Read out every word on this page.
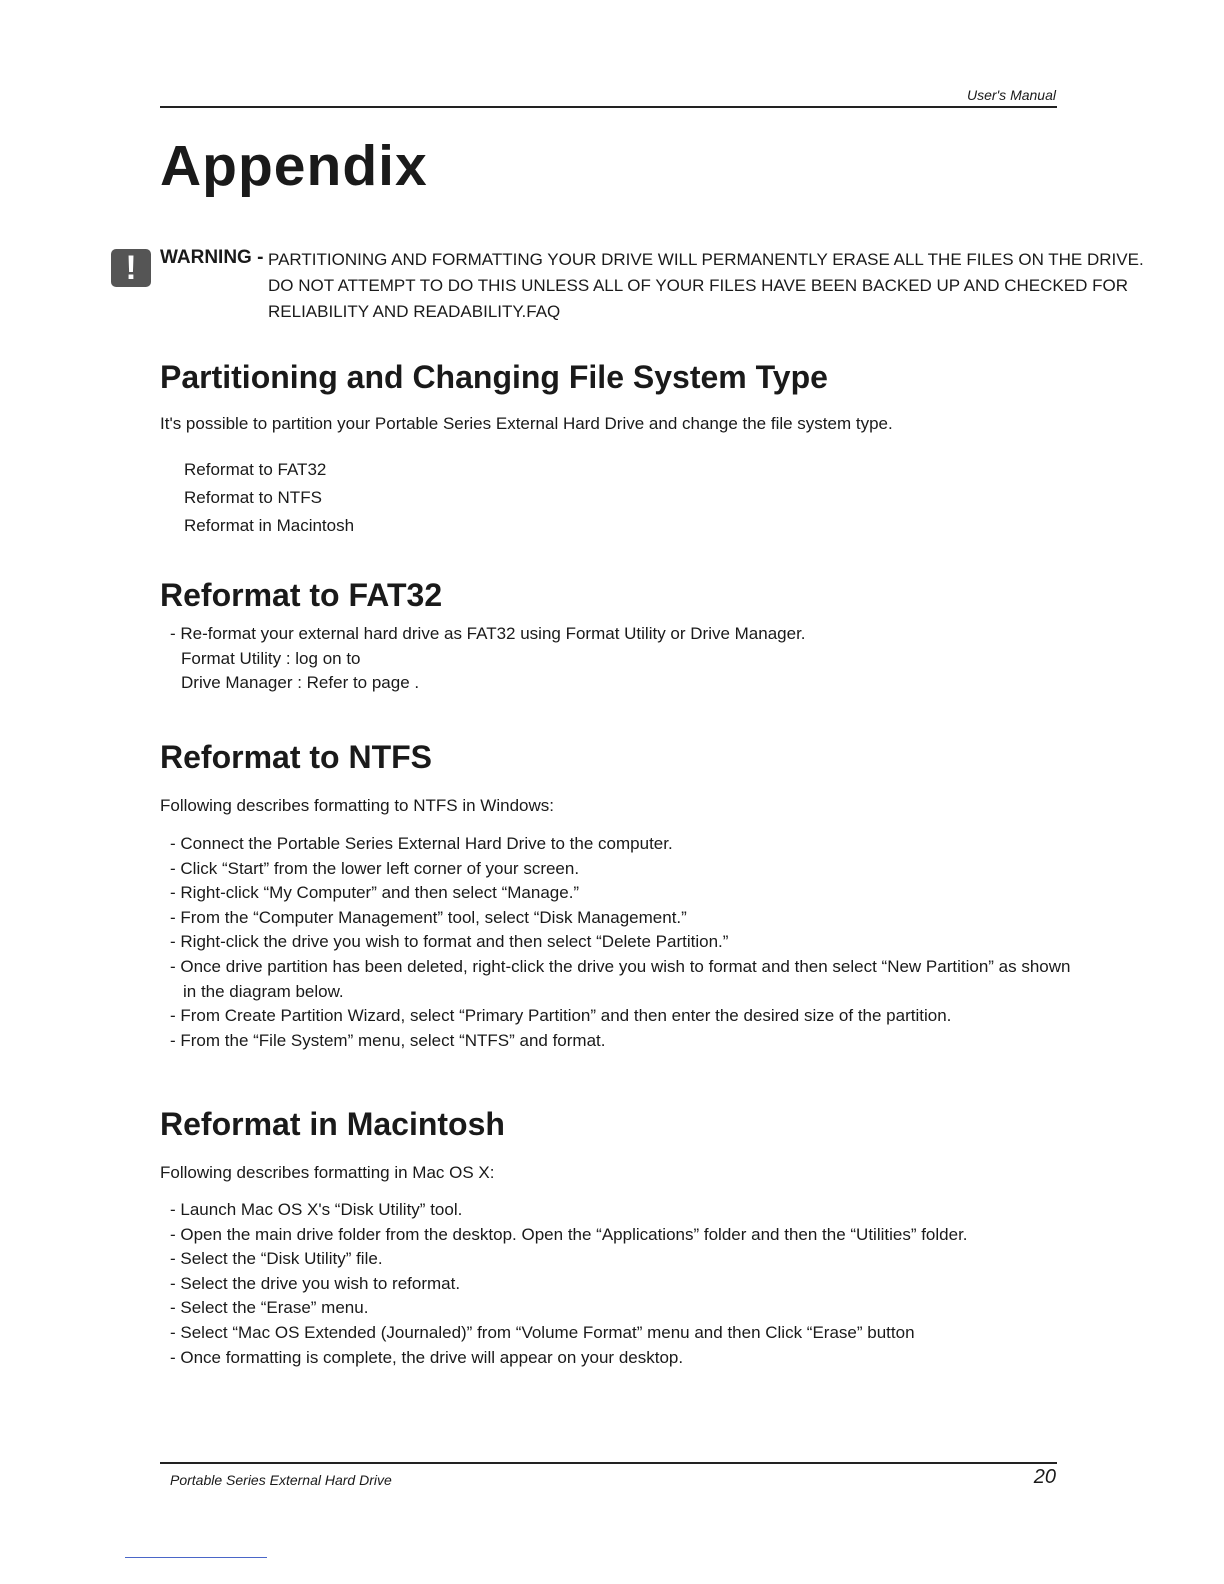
User's Manual
Appendix
!	WARNING - PARTITIONING AND FORMATTING YOUR DRIVE WILL PERMANENTLY ERASE ALL THE FILES ON THE DRIVE.
DO NOT ATTEMPT TO DO THIS UNLESS ALL OF YOUR FILES HAVE BEEN BACKED UP AND CHECKED FOR
RELIABILITY AND READABILITY.FAQ
Partitioning and Changing File System Type
It's possible to partition your Portable Series External Hard Drive and change the file system type.
Reformat to FAT32
Reformat to NTFS
Reformat in Macintosh
Reformat to FAT32
- Re-format your external hard drive as FAT32 using Format Utility or Drive Manager.
Format Utility : log on to
Drive Manager : Refer to page .
Reformat to NTFS
Following describes formatting to NTFS in Windows:
- Connect the Portable Series External Hard Drive to the computer.
- Click “Start” from the lower left corner of your screen.
- Right-click “My Computer” and then select “Manage.”
- From the “Computer Management” tool, select “Disk Management.”
- Right-click the drive you wish to format and then select “Delete Partition.”
- Once drive partition has been deleted, right-click the drive you wish to format and then select “New Partition” as shown
in the diagram below.
- From Create Partition Wizard, select “Primary Partition” and then enter the desired size of the partition.
- From the “File System” menu, select “NTFS” and format.
Reformat in Macintosh
Following describes formatting in Mac OS X:
- Launch Mac OS X's “Disk Utility” tool.
- Open the main drive folder from the desktop. Open the “Applications” folder and then the “Utilities” folder.
- Select the “Disk Utility” file.
- Select the drive you wish to reformat.
- Select the “Erase” menu.
- Select “Mac OS Extended (Journaled)” from “Volume Format” menu and then Click “Erase” button
- Once formatting is complete, the drive will appear on your desktop.
Portable Series External Hard Drive	20
